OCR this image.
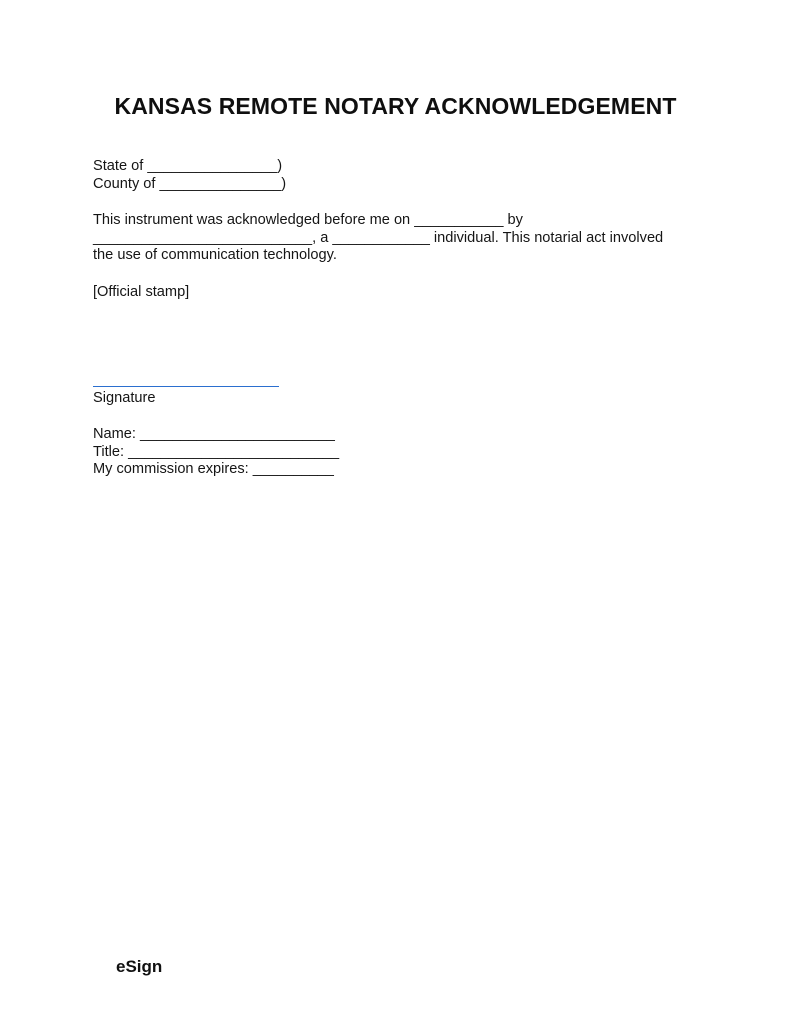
KANSAS REMOTE NOTARY ACKNOWLEDGEMENT
State of ________________)
County of _______________)
This instrument was acknowledged before me on ___________ by
___________________________, a ____________ individual. This notarial act involved
the use of communication technology.
[Official stamp]
Signature
Name: ________________________
Title: __________________________
My commission expires: __________
eSign
